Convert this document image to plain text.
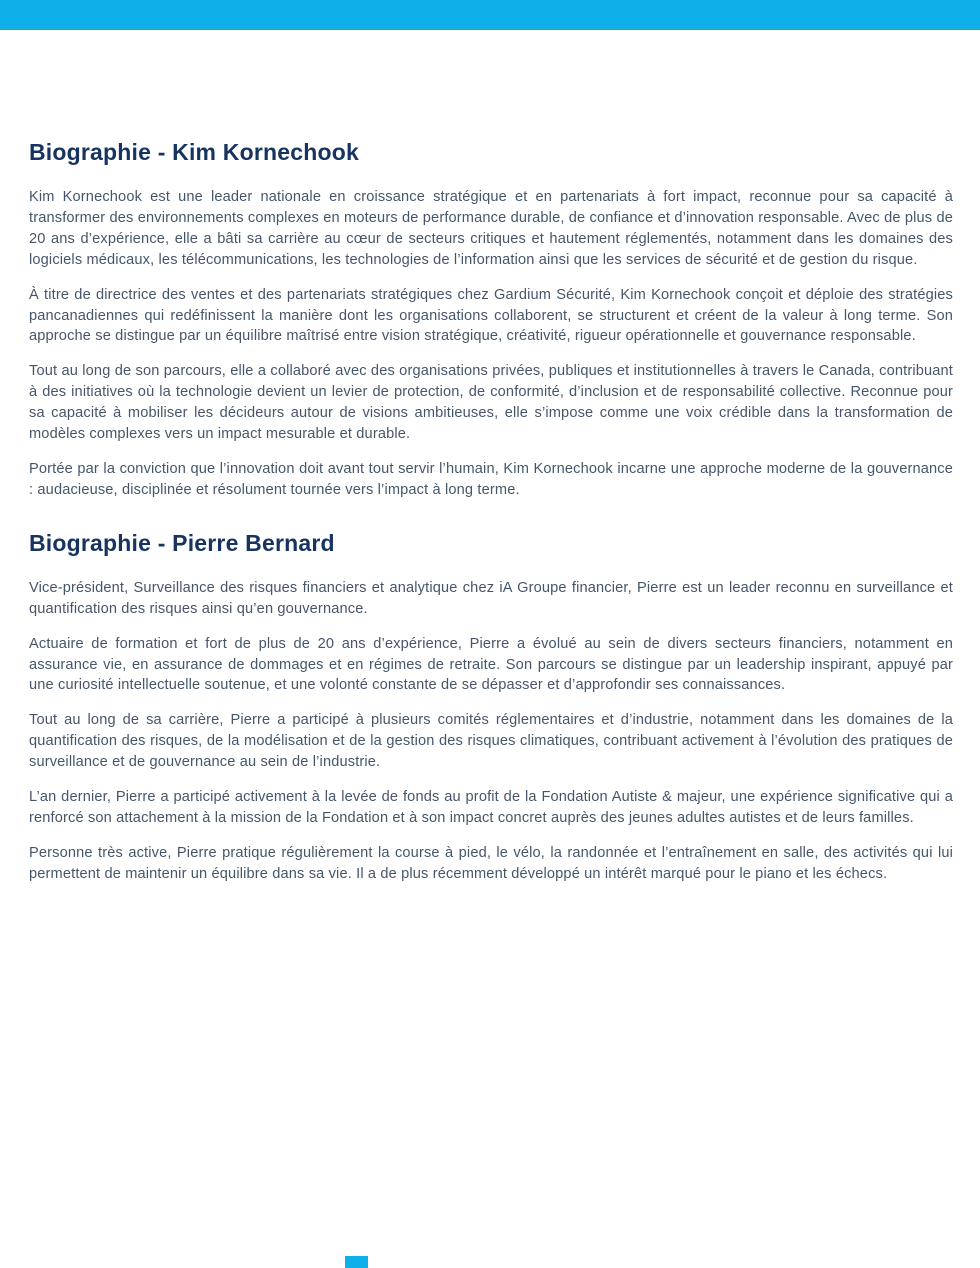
Biographie - Kim Kornechook

Kim Kornechook est une leader nationale en croissance stratégique et en partenariats à fort impact, reconnue pour sa capacité à transformer des environnements complexes en moteurs de performance durable, de confiance et d’innovation responsable. Avec de plus de 20 ans d’expérience, elle a bâti sa carrière au cœur de secteurs critiques et hautement réglementés, notamment dans les domaines des logiciels médicaux, les télécommunications, les technologies de l’information ainsi que les services de sécurité et de gestion du risque.

À titre de directrice des ventes et des partenariats stratégiques chez Gardium Sécurité, Kim Kornechook conçoit et déploie des stratégies pancanadiennes qui redéfinissent la manière dont les organisations collaborent, se structurent et créent de la valeur à long terme. Son approche se distingue par un équilibre maîtrisé entre vision stratégique, créativité, rigueur opérationnelle et gouvernance responsable.

Tout au long de son parcours, elle a collaboré avec des organisations privées, publiques et institutionnelles à travers le Canada, contribuant à des initiatives où la technologie devient un levier de protection, de conformité, d’inclusion et de responsabilité collective. Reconnue pour sa capacité à mobiliser les décideurs autour de visions ambitieuses, elle s’impose comme une voix crédible dans la transformation de modèles complexes vers un impact mesurable et durable.

Portée par la conviction que l’innovation doit avant tout servir l’humain, Kim Kornechook incarne une approche moderne de la gouvernance : audacieuse, disciplinée et résolument tournée vers l’impact à long terme.

Biographie - Pierre Bernard

Vice-président, Surveillance des risques financiers et analytique chez iA Groupe financier, Pierre est un leader reconnu en surveillance et quantification des risques ainsi qu’en gouvernance.

Actuaire de formation et fort de plus de 20 ans d’expérience, Pierre a évolué au sein de divers secteurs financiers, notamment en assurance vie, en assurance de dommages et en régimes de retraite. Son parcours se distingue par un leadership inspirant, appuyé par une curiosité intellectuelle soutenue, et une volonté constante de se dépasser et d’approfondir ses connaissances.

Tout au long de sa carrière, Pierre a participé à plusieurs comités réglementaires et d’industrie, notamment dans les domaines de la quantification des risques, de la modélisation et de la gestion des risques climatiques, contribuant activement à l’évolution des pratiques de surveillance et de gouvernance au sein de l’industrie.

L’an dernier, Pierre a participé activement à la levée de fonds au profit de la Fondation Autiste & majeur, une expérience significative qui a renforcé son attachement à la mission de la Fondation et à son impact concret auprès des jeunes adultes autistes et de leurs familles.

Personne très active, Pierre pratique régulièrement la course à pied, le vélo, la randonnée et l’entraînement en salle, des activités qui lui permettent de maintenir un équilibre dans sa vie. Il a de plus récemment développé un intérêt marqué pour le piano et les échecs.
